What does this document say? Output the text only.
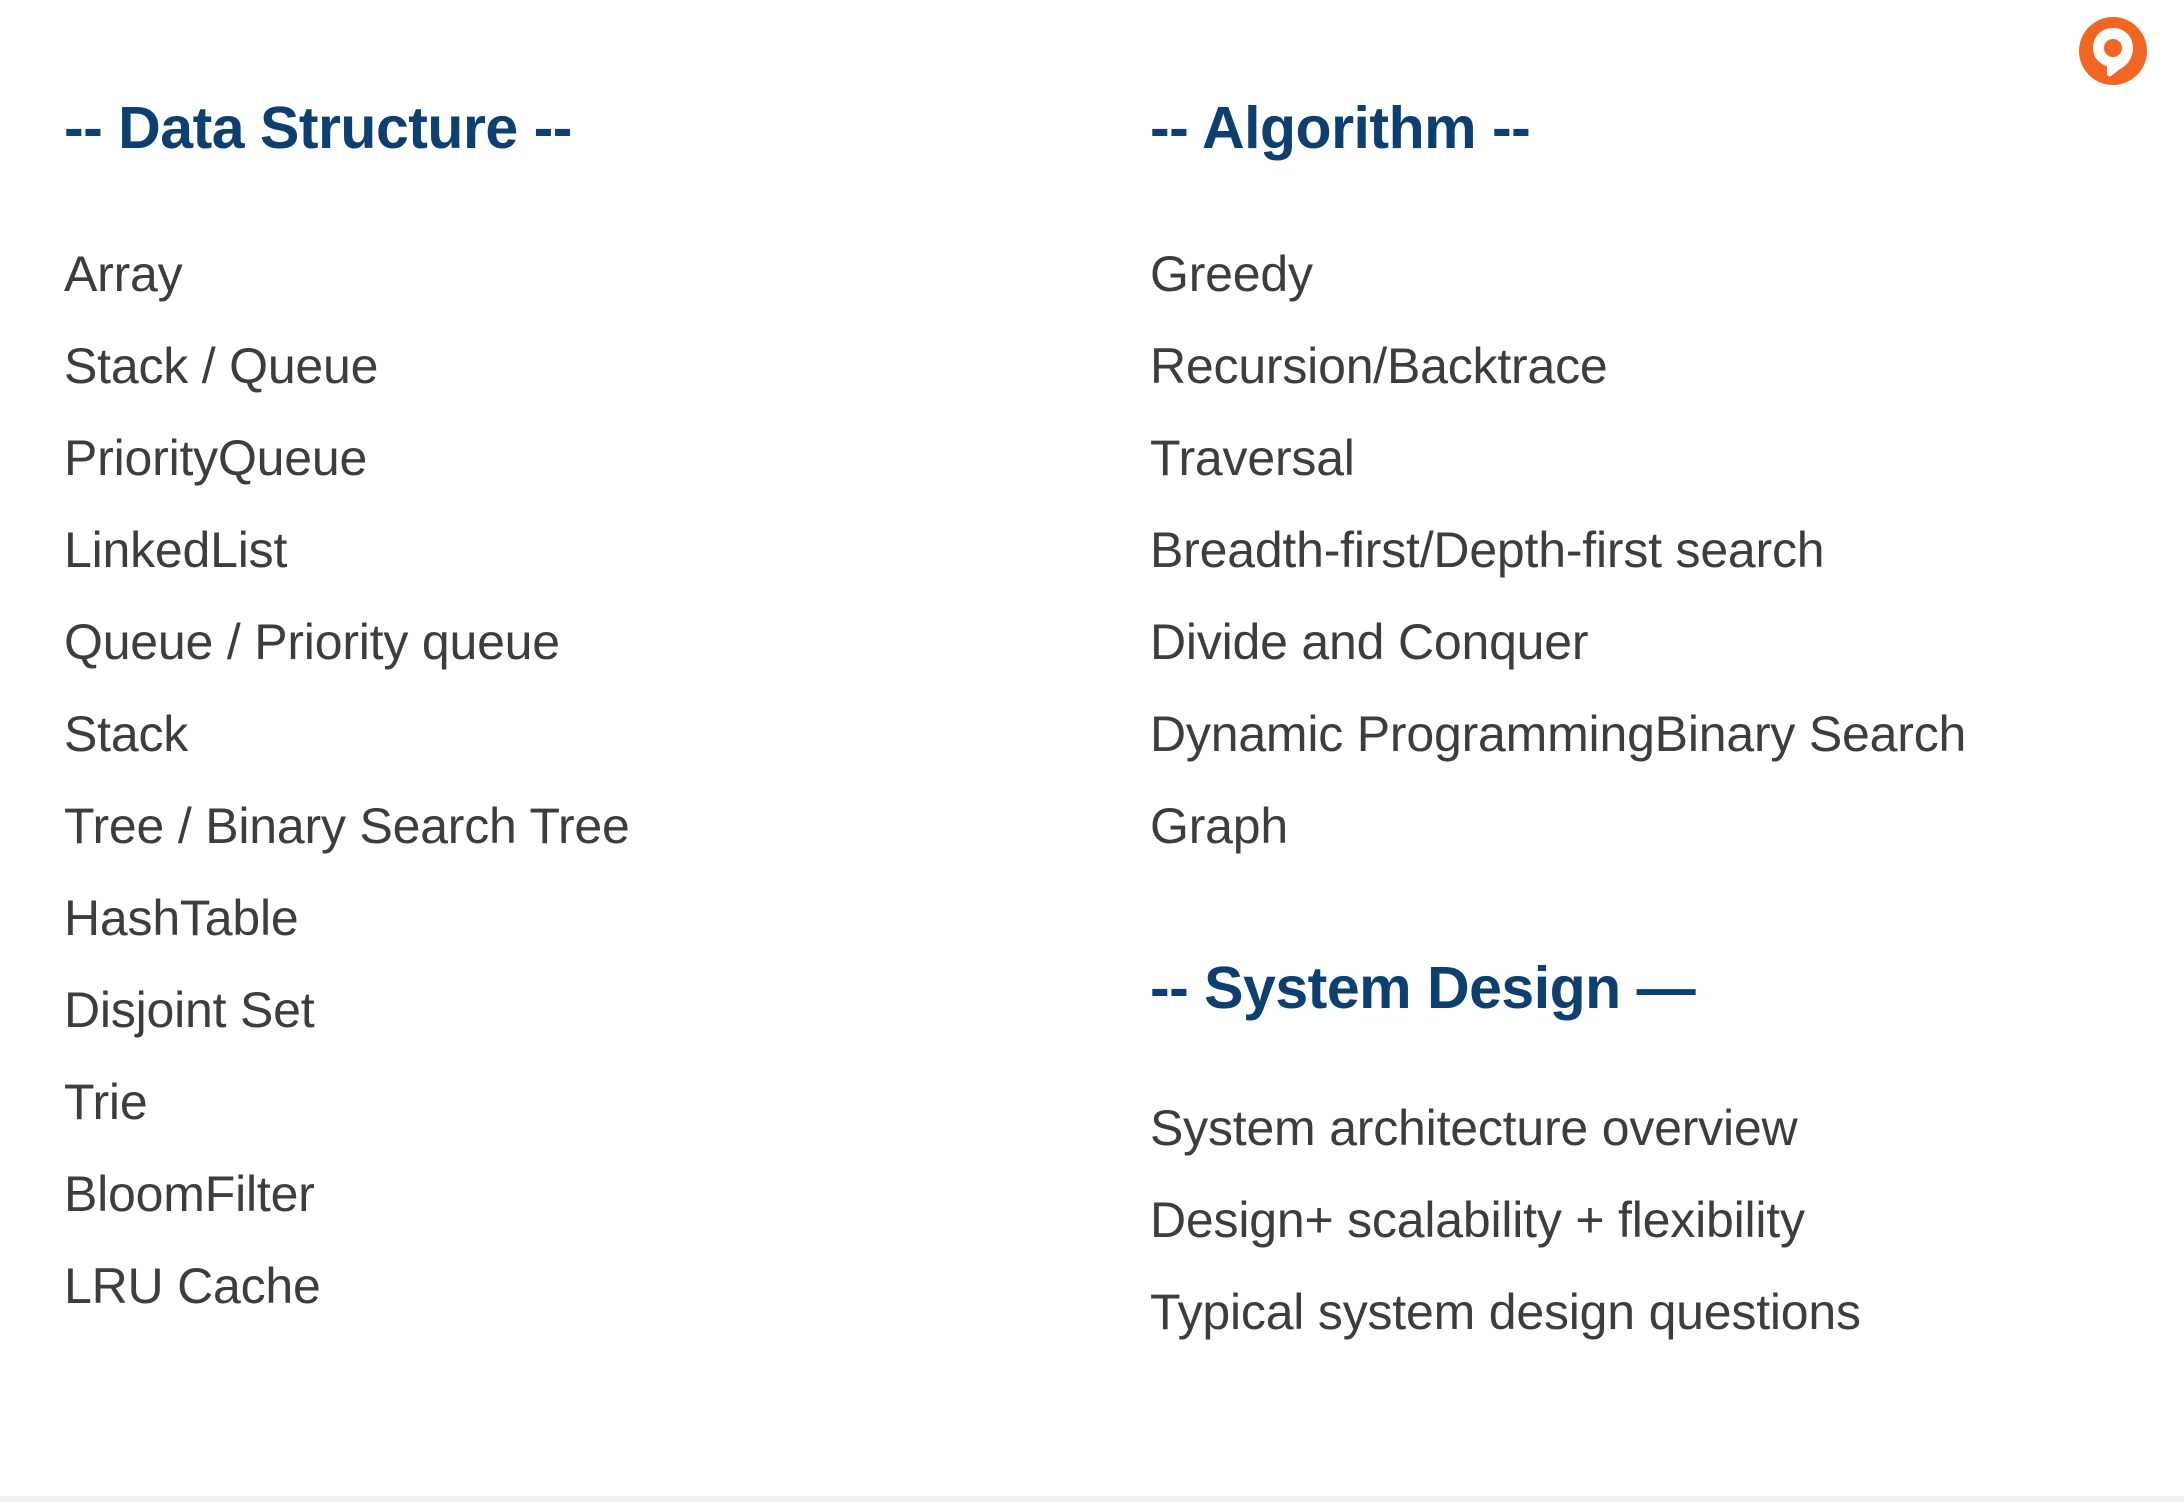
-- Data Structure --
Array
Stack / Queue
PriorityQueue
LinkedList
Queue / Priority queue
Stack
Tree / Binary Search Tree
HashTable
Disjoint Set
Trie
BloomFilter
LRU Cache
-- Algorithm --
Greedy
Recursion/Backtrace
Traversal
Breadth-first/Depth-first search
Divide and Conquer
Dynamic ProgrammingBinary Search
Graph
-- System Design —
System architecture overview
Design+ scalability + flexibility
Typical system design questions
